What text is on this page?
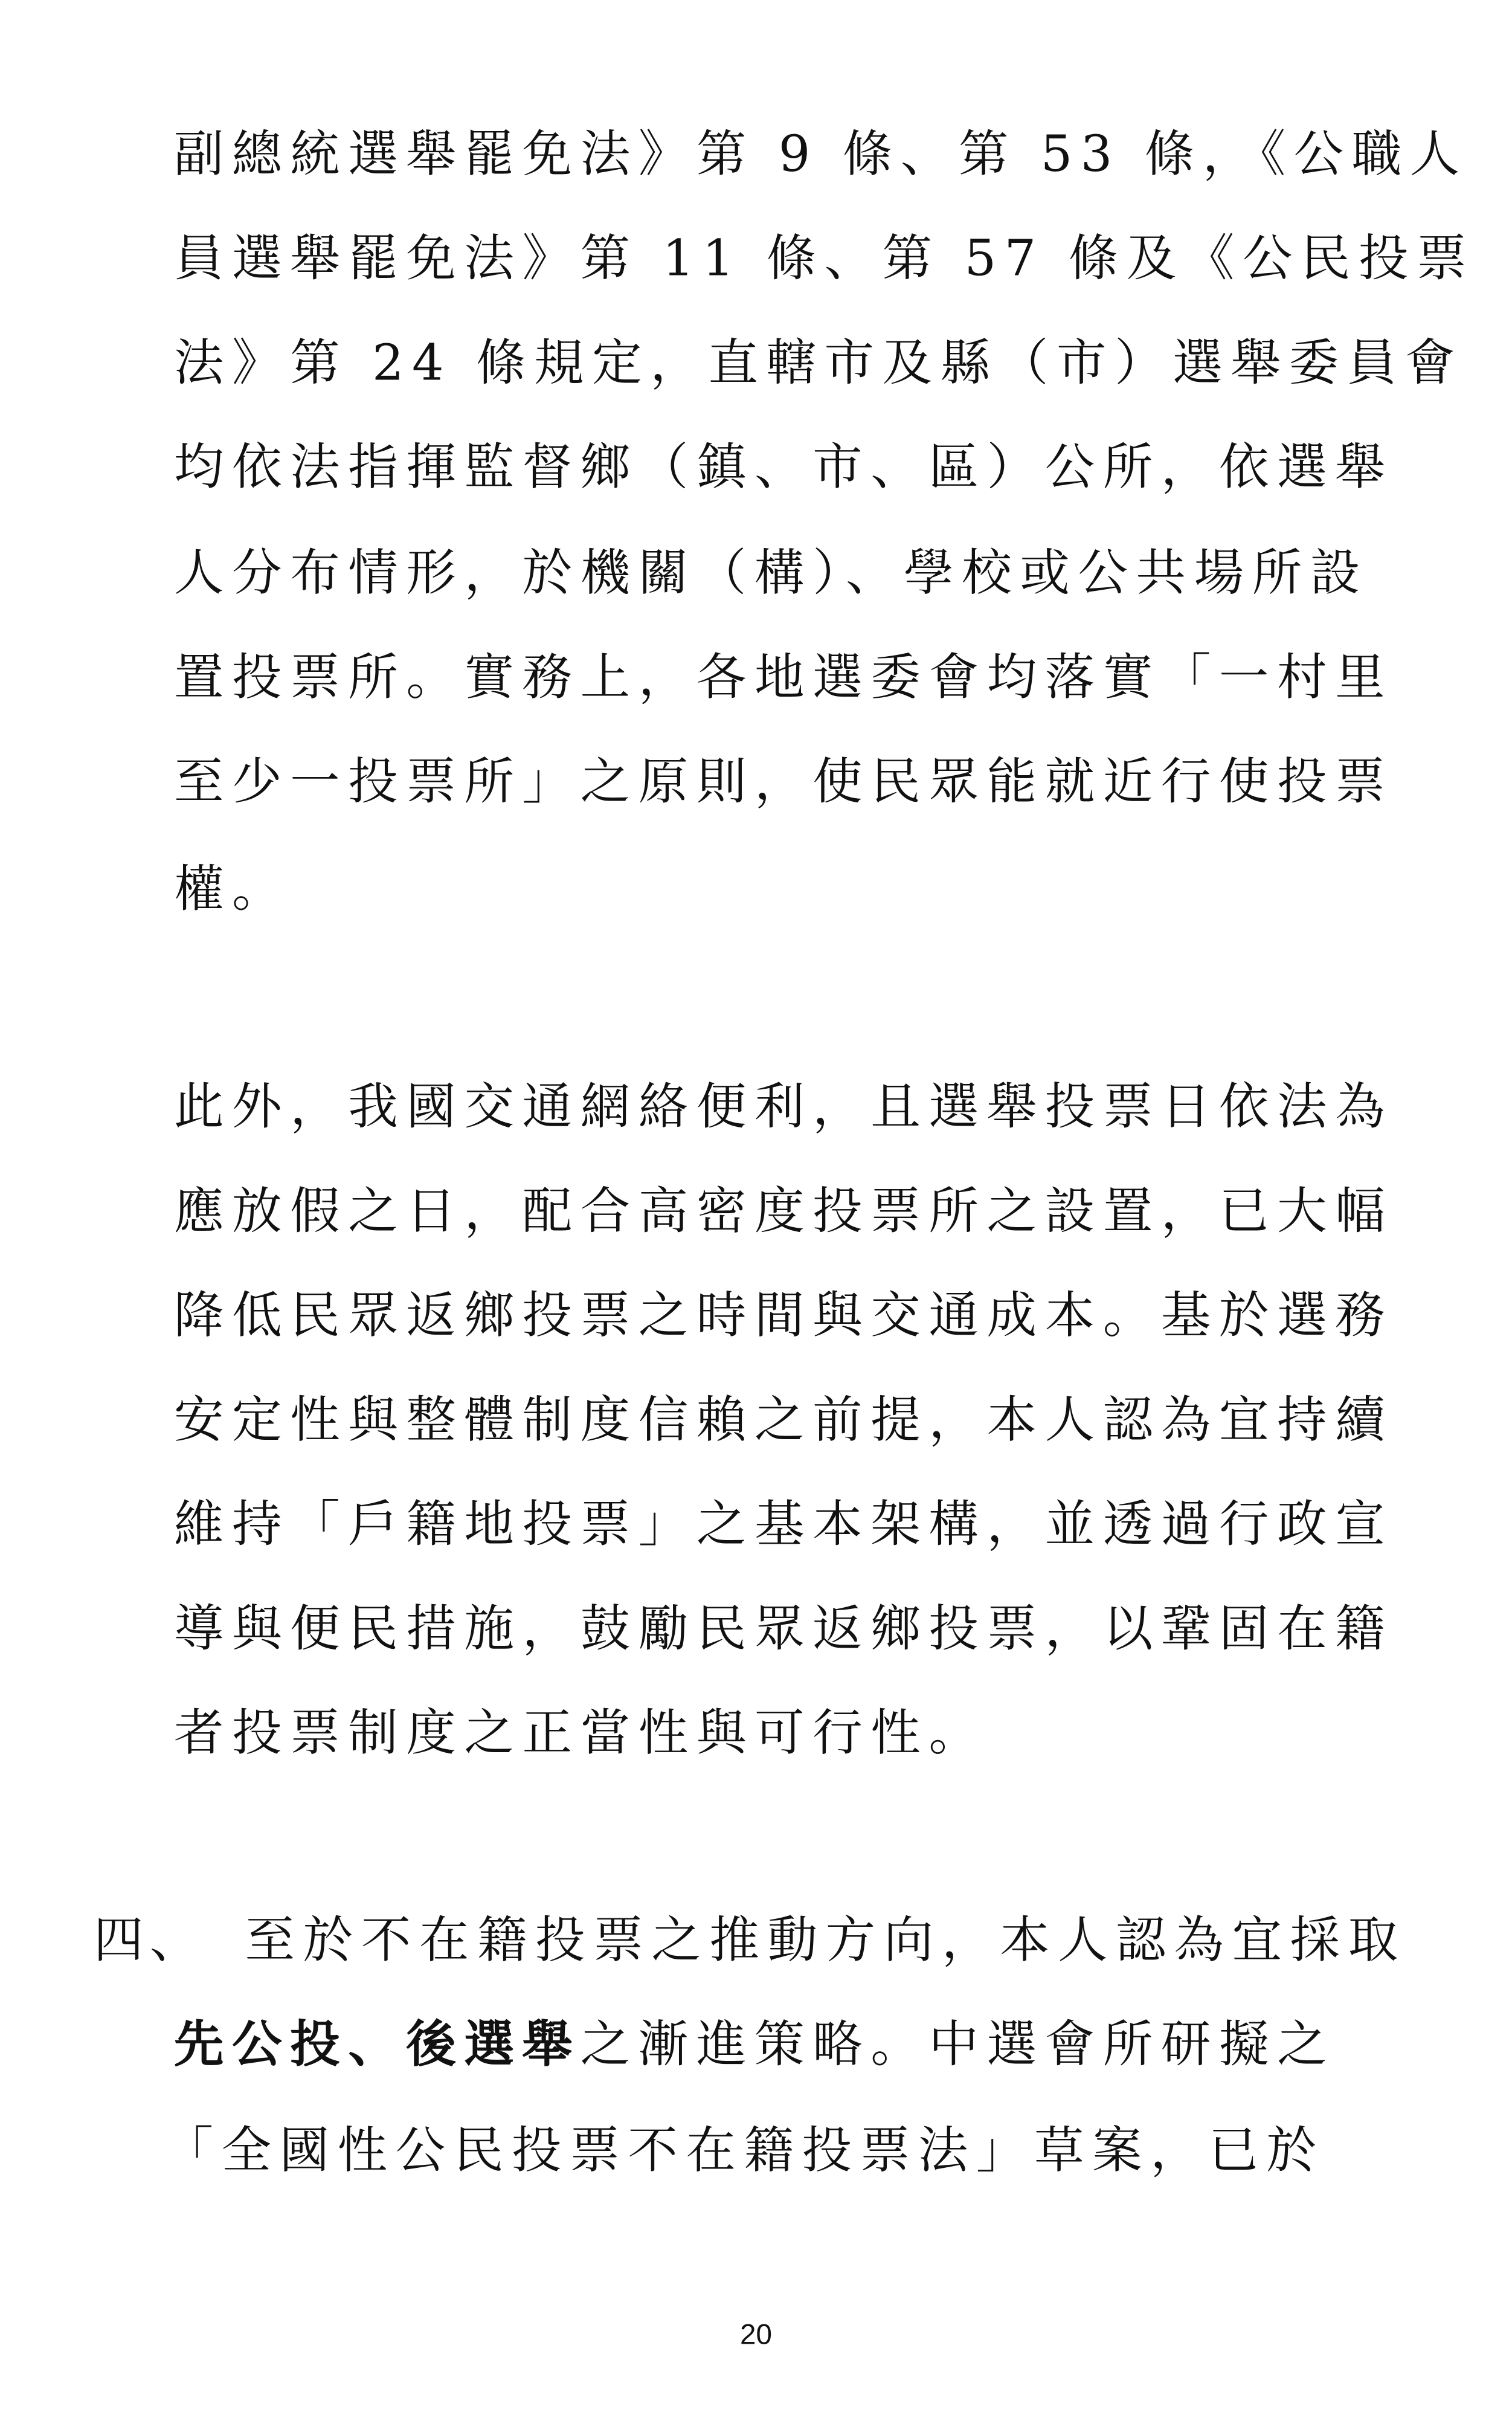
副總統選舉罷免法》第 9 條、第 53 條，《公職人
員選舉罷免法》第 11 條、第 57 條及《公民投票
法》第 24 條規定，直轄市及縣（市）選舉委員會
均依法指揮監督鄉（鎮、市、區）公所，依選舉
人分布情形，於機關（構）、學校或公共場所設
置投票所。實務上，各地選委會均落實「一村里
至少一投票所」之原則，使民眾能就近行使投票
權。
此外，我國交通網絡便利，且選舉投票日依法為
應放假之日，配合高密度投票所之設置，已大幅
降低民眾返鄉投票之時間與交通成本。基於選務
安定性與整體制度信賴之前提，本人認為宜持續
維持「戶籍地投票」之基本架構，並透過行政宣
導與便民措施，鼓勵民眾返鄉投票，以鞏固在籍
者投票制度之正當性與可行性。
四、 至於不在籍投票之推動方向，本人認為宜採取
先公投、後選舉之漸進策略。中選會所研擬之
「全國性公民投票不在籍投票法」草案，已於
20
